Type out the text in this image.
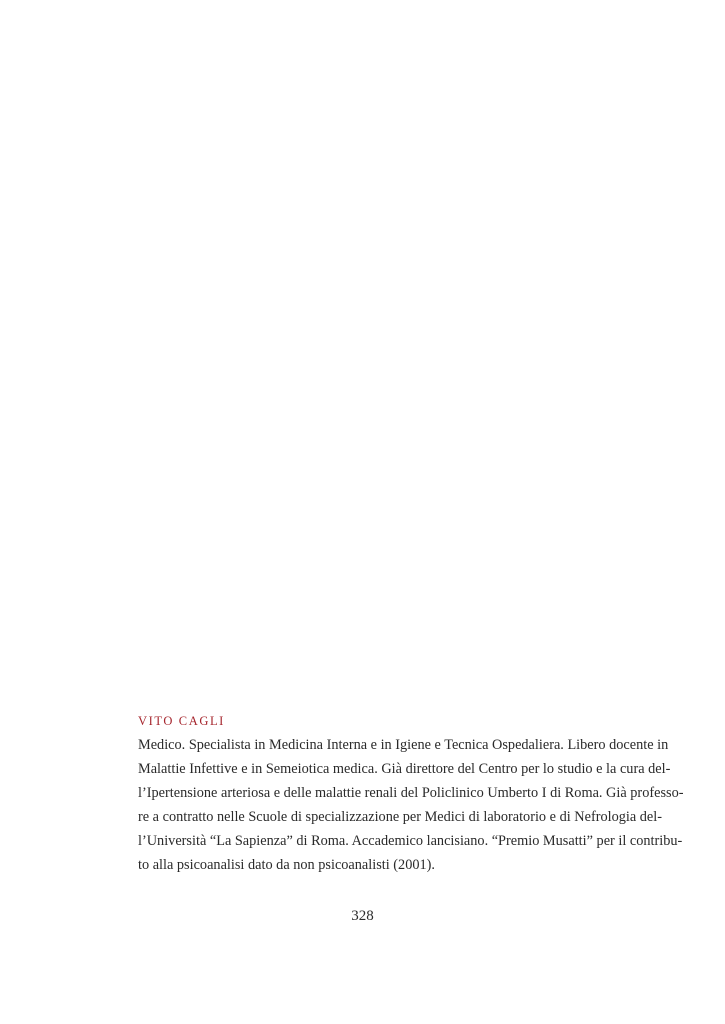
VITO CAGLI

Medico. Specialista in Medicina Interna e in Igiene e Tecnica Ospedaliera. Libero docente in
Malattie Infettive e in Semeiotica medica. Già direttore del Centro per lo studio e la cura del-
l’Ipertensione arteriosa e delle malattie renali del Policlinico Umberto I di Roma. Già professo-
re a contratto nelle Scuole di specializzazione per Medici di laboratorio e di Nefrologia del-
l’Università “La Sapienza” di Roma. Accademico lancisiano. “Premio Musatti” per il contribu-
to alla psicoanalisi dato da non psicoanalisti (2001).

328
